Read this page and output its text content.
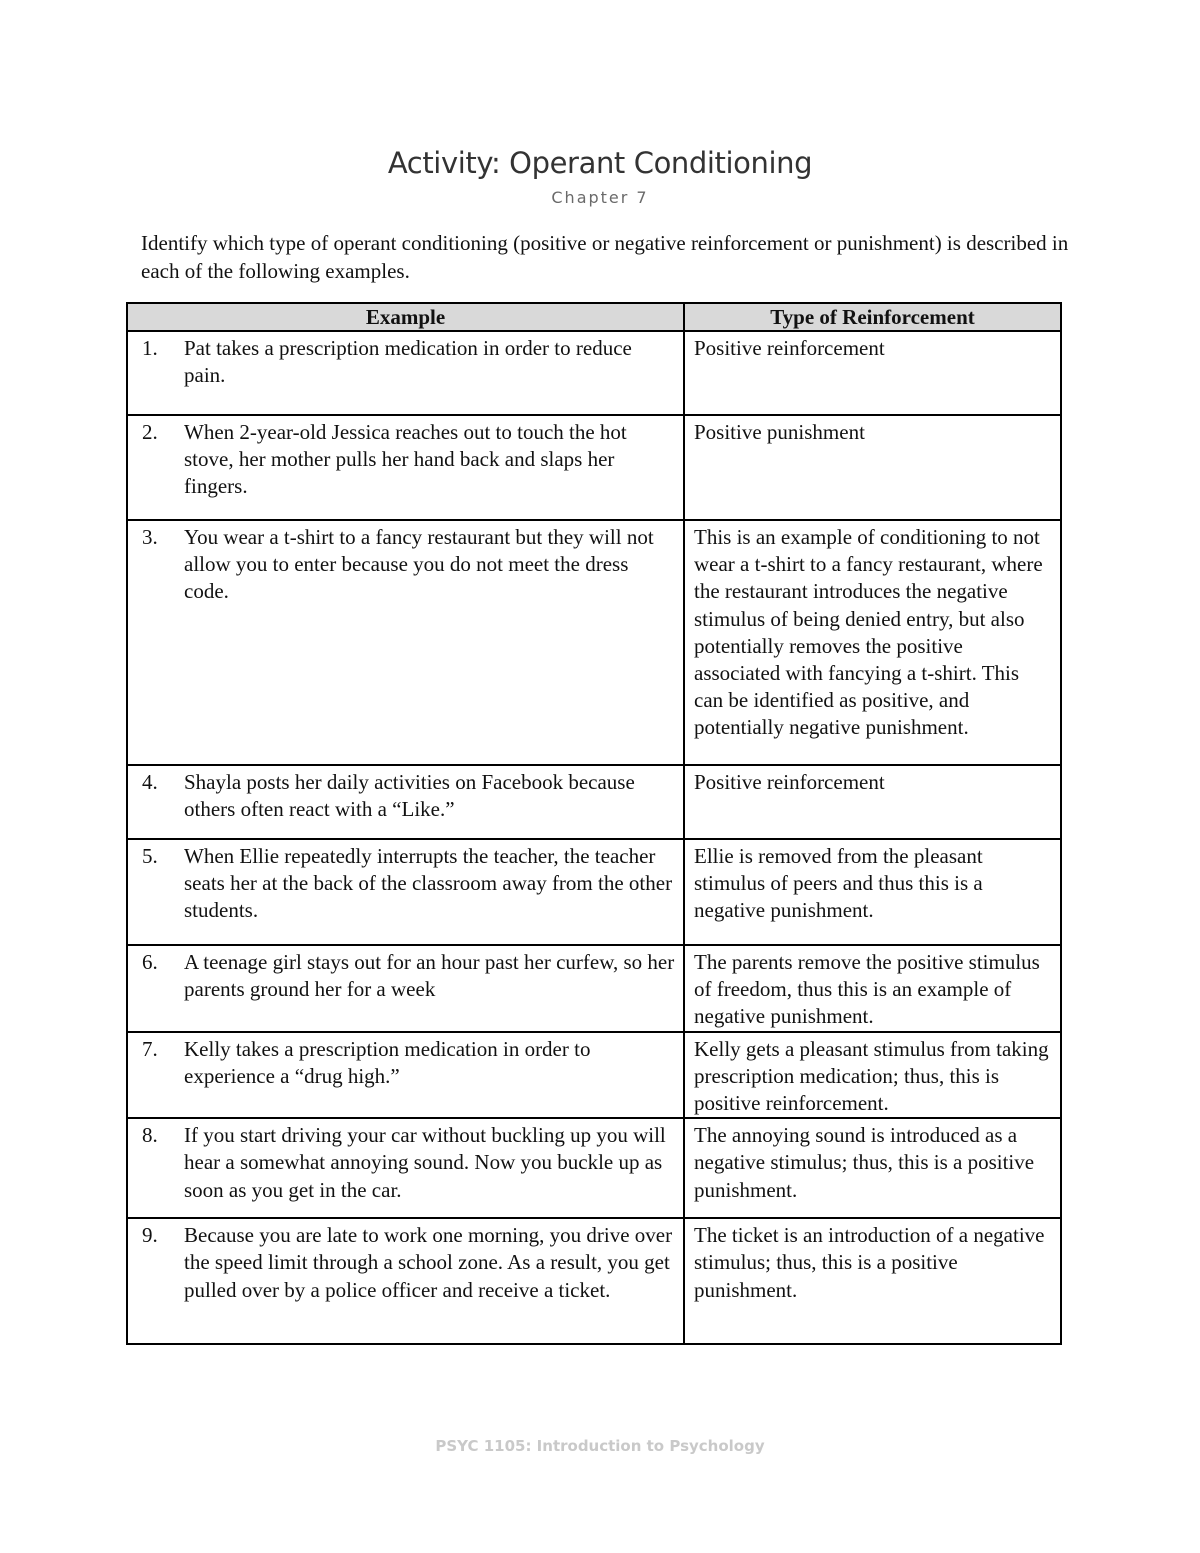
Activity: Operant Conditioning
Chapter 7
Identify which type of operant conditioning (positive or negative reinforcement or punishment) is described in each of the following examples.
Example	Type of Reinforcement

1. Pat takes a prescription medication in order to reduce pain.	Positive reinforcement

2. When 2-year-old Jessica reaches out to touch the hot stove, her mother pulls her hand back and slaps her fingers.	Positive punishment

3. You wear a t-shirt to a fancy restaurant but they will not allow you to enter because you do not meet the dress code.	This is an example of conditioning to not wear a t-shirt to a fancy restaurant, where the restaurant introduces the negative stimulus of being denied entry, but also potentially removes the positive associated with fancying a t-shirt. This can be identified as positive, and potentially negative punishment.

4. Shayla posts her daily activities on Facebook because others often react with a “Like.”	Positive reinforcement

5. When Ellie repeatedly interrupts the teacher, the teacher seats her at the back of the classroom away from the other students.	Ellie is removed from the pleasant stimulus of peers and thus this is a negative punishment.

6. A teenage girl stays out for an hour past her curfew, so her parents ground her for a week	The parents remove the positive stimulus of freedom, thus this is an example of negative punishment.

7. Kelly takes a prescription medication in order to experience a “drug high.”	Kelly gets a pleasant stimulus from taking prescription medication; thus, this is positive reinforcement.

8. If you start driving your car without buckling up you will hear a somewhat annoying sound. Now you buckle up as soon as you get in the car.	The annoying sound is introduced as a negative stimulus; thus, this is a positive punishment.

9. Because you are late to work one morning, you drive over the speed limit through a school zone. As a result, you get pulled over by a police officer and receive a ticket.	The ticket is an introduction of a negative stimulus; thus, this is a positive punishment.
PSYC 1105: Introduction to Psychology
